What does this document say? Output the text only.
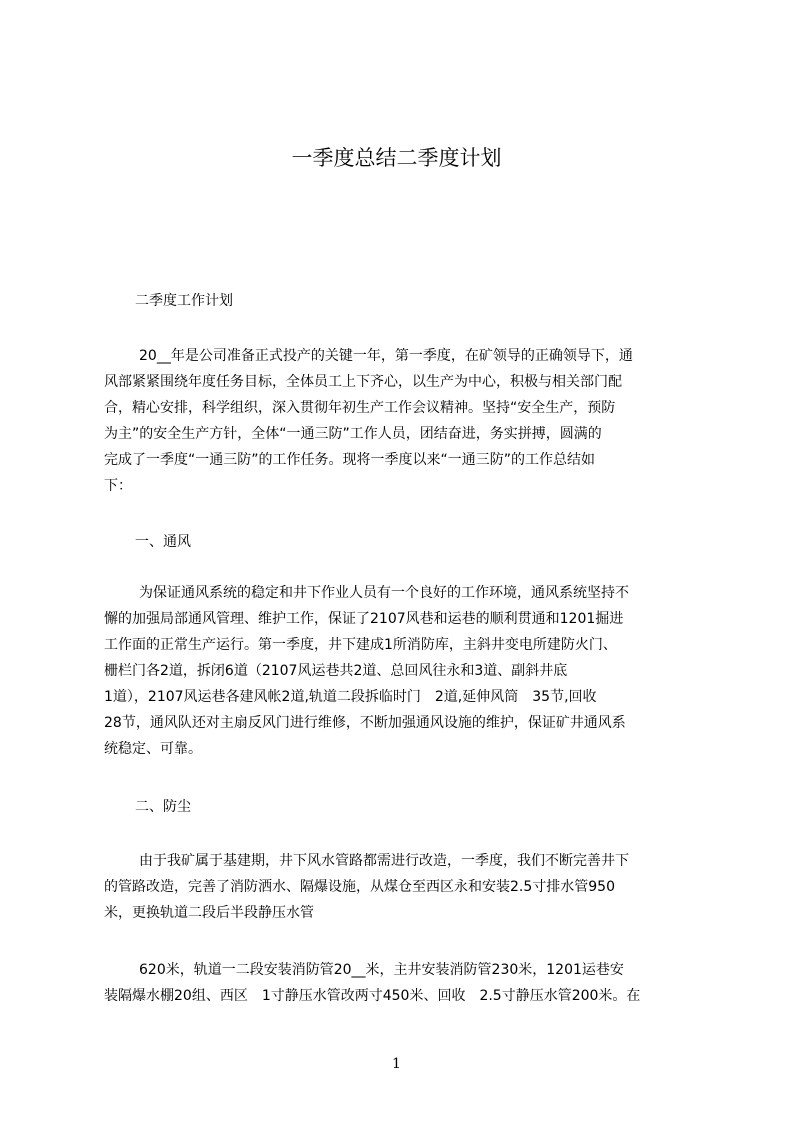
一季度总结二季度计划
二季度工作计划
20__年是公司准备正式投产的关键一年，第一季度，在矿领导的正确领导下，通
风部紧紧围绕年度任务目标，全体员工上下齐心，以生产为中心，积极与相关部门配
合，精心安排，科学组织，深入贯彻年初生产工作会议精神。坚持“安全生产，预防
为主”的安全生产方针，全体“一通三防”工作人员，团结奋进，务实拼搏，圆满的
完成了一季度“一通三防”的工作任务。现将一季度以来“一通三防”的工作总结如
下：
一、通风
为保证通风系统的稳定和井下作业人员有一个良好的工作环境，通风系统坚持不
懈的加强局部通风管理、维护工作，保证了2107风巷和运巷的顺利贯通和1201掘进
工作面的正常生产运行。第一季度，井下建成1所消防库，主斜井变电所建防火门、
栅栏门各2道，拆闭6道（2107风运巷共2道、总回风往永和3道、副斜井底
1道），2107风运巷各建风帐2道,轨道二段拆临时门　2道,延伸风筒　35节,回收
28节，通风队还对主扇反风门进行维修，不断加强通风设施的维护，保证矿井通风系
统稳定、可靠。
二、防尘
由于我矿属于基建期，井下风水管路都需进行改造，一季度，我们不断完善井下
的管路改造，完善了消防洒水、隔爆设施，从煤仓至西区永和安装2.5寸排水管950
米，更换轨道二段后半段静压水管
620米，轨道一二段安装消防管20__米，主井安装消防管230米，1201运巷安
装隔爆水棚20组、西区　1寸静压水管改两寸450米、回收　2.5寸静压水管200米。在
1
